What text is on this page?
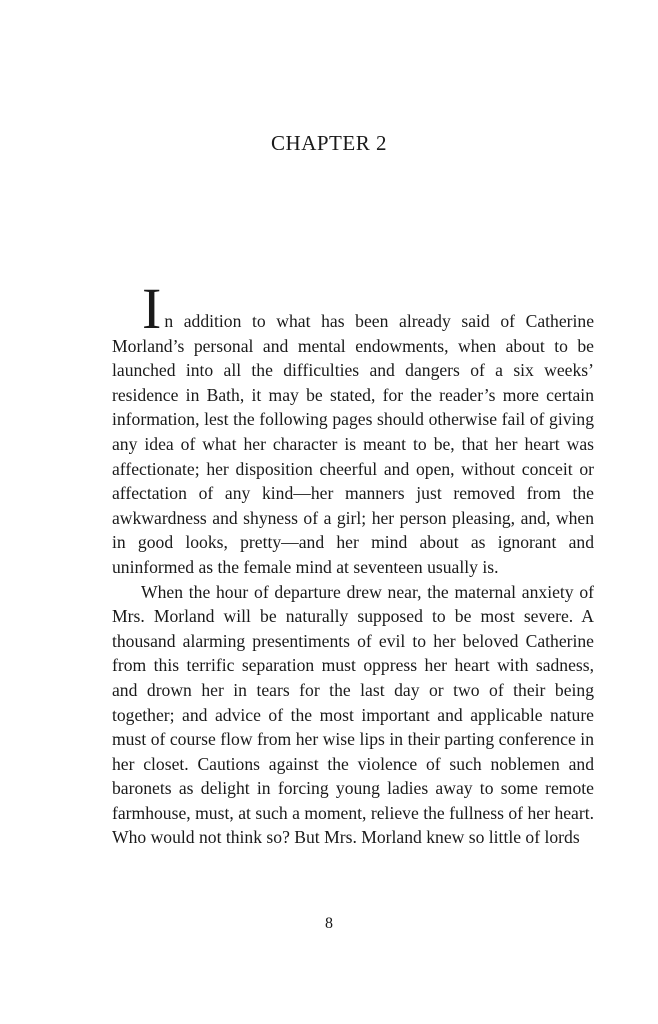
CHAPTER 2

In addition to what has been already said of Catherine Morland’s personal and mental endowments, when about to be launched into all the difficulties and dangers of a six weeks’ residence in Bath, it may be stated, for the reader’s more certain information, lest the following pages should otherwise fail of giving any idea of what her character is meant to be, that her heart was affectionate; her disposition cheerful and open, without conceit or affectation of any kind—her manners just removed from the awkwardness and shyness of a girl; her person pleasing, and, when in good looks, pretty—and her mind about as ignorant and uninformed as the female mind at seventeen usually is.

When the hour of departure drew near, the maternal anxiety of Mrs. Morland will be naturally supposed to be most severe. A thousand alarming presentiments of evil to her beloved Catherine from this terrific separation must oppress her heart with sadness, and drown her in tears for the last day or two of their being together; and advice of the most important and applicable nature must of course flow from her wise lips in their parting conference in her closet. Cautions against the violence of such noblemen and baronets as delight in forcing young ladies away to some remote farmhouse, must, at such a moment, relieve the fullness of her heart. Who would not think so? But Mrs. Morland knew so little of lords

8
